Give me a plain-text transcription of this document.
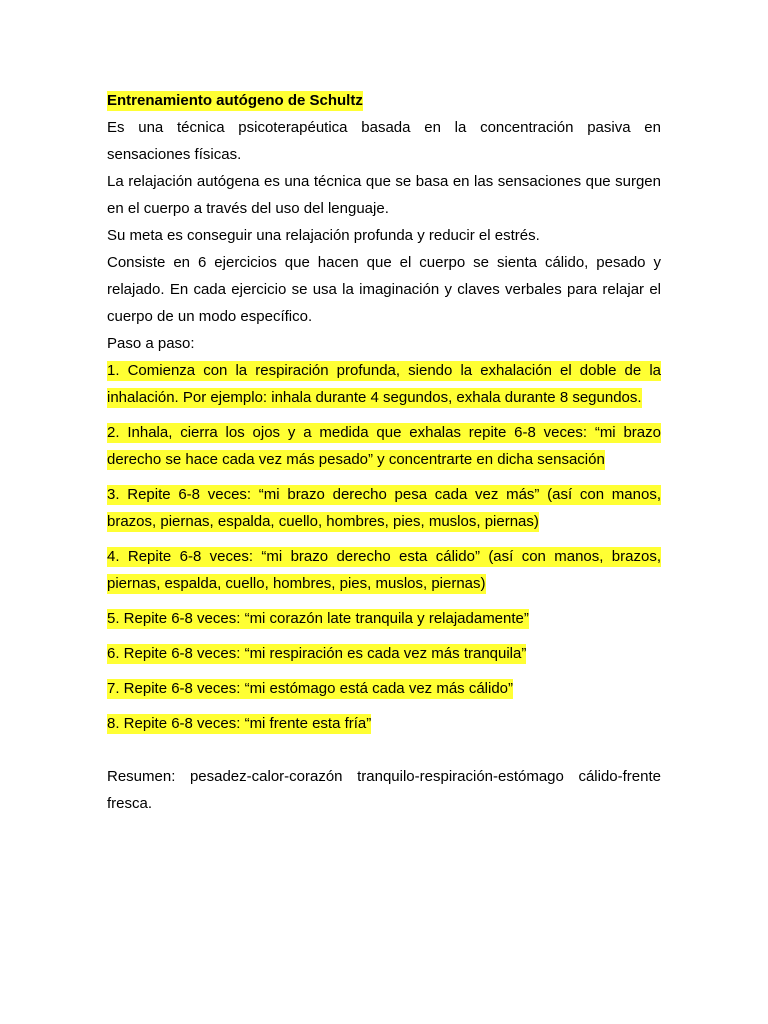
Entrenamiento autógeno de Schultz

Es una técnica psicoterapéutica basada en la concentración pasiva en sensaciones físicas.

La relajación autógena es una técnica que se basa en las sensaciones que surgen en el cuerpo a través del uso del lenguaje.

Su meta es conseguir una relajación profunda y reducir el estrés.

Consiste en 6 ejercicios que hacen que el cuerpo se sienta cálido, pesado y relajado. En cada ejercicio se usa la imaginación y claves verbales para relajar el cuerpo de un modo específico.

Paso a paso:

1. Comienza con la respiración profunda, siendo la exhalación el doble de la inhalación. Por ejemplo: inhala durante 4 segundos, exhala durante 8 segundos.

2. Inhala, cierra los ojos y a medida que exhalas repite 6-8 veces: “mi brazo derecho se hace cada vez más pesado” y concentrarte en dicha sensación

3. Repite 6-8 veces: “mi brazo derecho pesa cada vez más” (así con manos, brazos, piernas, espalda, cuello, hombres, pies, muslos, piernas)

4. Repite 6-8 veces: “mi brazo derecho esta cálido” (así con manos, brazos, piernas, espalda, cuello, hombres, pies, muslos, piernas)

5. Repite 6-8 veces: “mi corazón late tranquila y relajadamente”

6. Repite 6-8 veces: “mi respiración es cada vez más tranquila”

7. Repite 6-8 veces: “mi estómago está cada vez más cálido”

8. Repite 6-8 veces: “mi frente esta fría”

Resumen: pesadez-calor-corazón tranquilo-respiración-estómago cálido-frente fresca.
